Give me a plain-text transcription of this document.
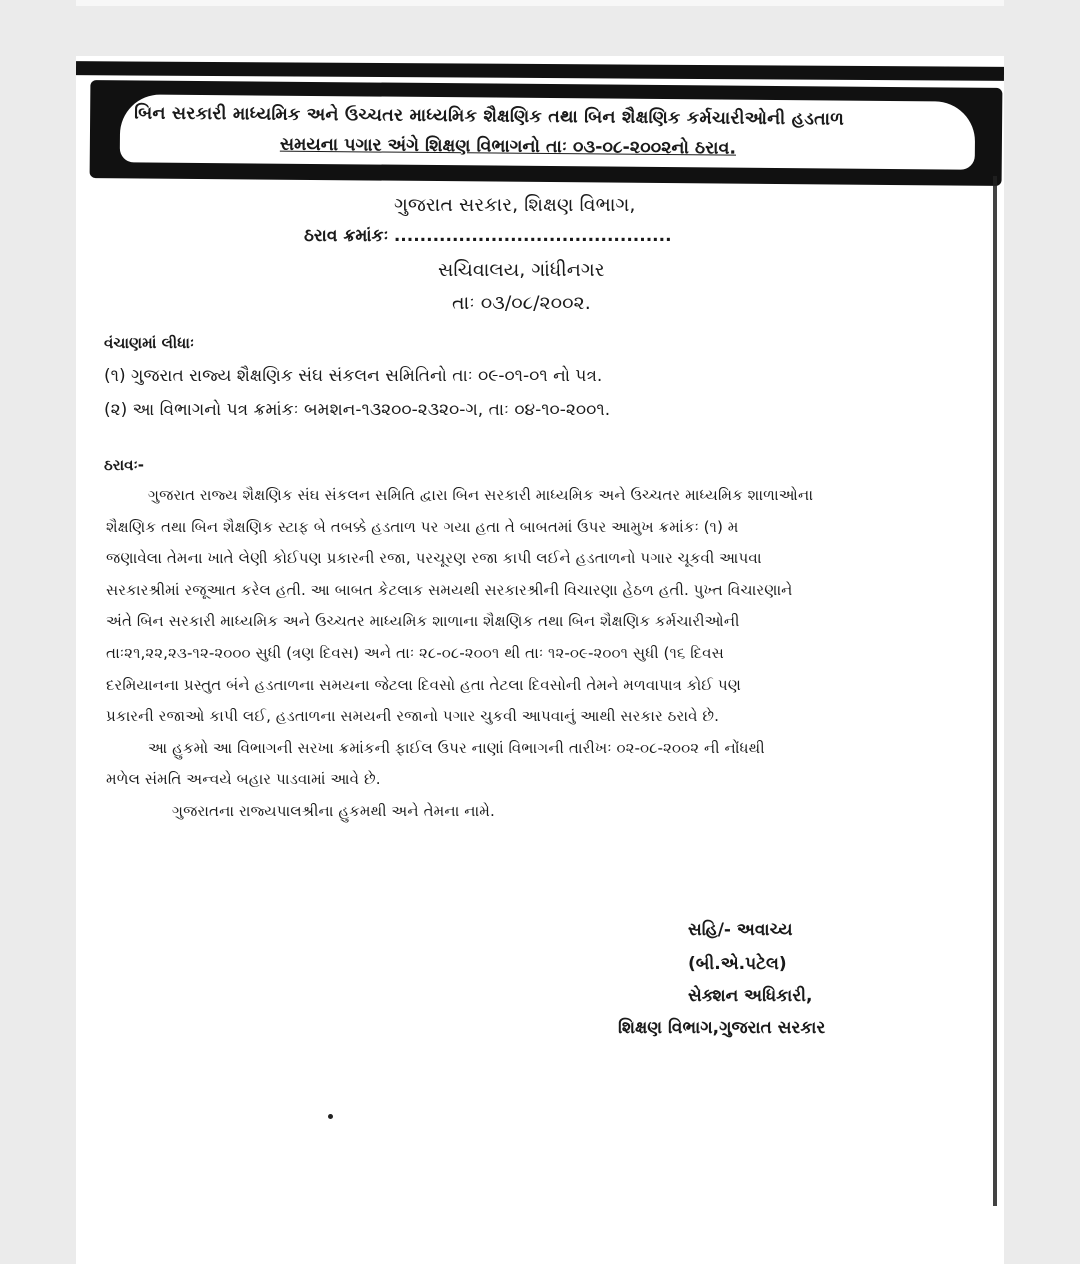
બિન સરકારી માધ્યમિક અને ઉચ્ચતર માધ્યમિક શૈક્ષણિક તથા બિન શૈક્ષણિક કર્મચારીઓની હડતાળ
સમયના પગાર અંગે શિક્ષણ વિભાગનો તાઃ ૦૩-૦૮-૨૦૦૨નો ઠરાવ.
ગુજરાત સરકાર, શિક્ષણ વિભાગ,
ઠરાવ ક્રમાંકઃ ...........................................
સચિવાલય, ગાંધીનગર
તાઃ ૦૩/૦૮/૨૦૦૨.
વંચાણમાં લીધાઃ
(૧) ગુજરાત રાજ્ય શૈક્ષણિક સંઘ સંકલન સમિતિનો તાઃ ૦૯-૦૧-૦૧ નો પત્ર.
(૨) આ વિભાગનો પત્ર ક્રમાંકઃ બમશન-૧૩૨૦૦-૨૩૨૦-ગ, તાઃ ૦૪-૧૦-૨૦૦૧.
ઠરાવઃ-
ગુજરાત રાજ્ય શૈક્ષણિક સંઘ સંકલન સમિતિ દ્વારા બિન સરકારી માધ્યમિક અને ઉચ્ચતર માધ્યમિક શાળાઓના
શૈક્ષણિક તથા બિન શૈક્ષણિક સ્ટાફ બે તબક્કે હડતાળ પર ગયા હતા તે બાબતમાં ઉપર આમુખ ક્રમાંકઃ (૧) મ
જણાવેલા તેમના ખાતે લેણી કોઈપણ પ્રકારની રજા, પરચૂરણ રજા કાપી લઈને હડતાળનો પગાર ચૂકવી આપવા
સરકારશ્રીમાં રજૂઆત કરેલ હતી. આ બાબત કેટલાક સમયથી સરકારશ્રીની વિચારણા હેઠળ હતી. પુખ્ત વિચારણાને
અંતે બિન સરકારી માધ્યમિક અને ઉચ્ચતર માધ્યમિક શાળાના શૈક્ષણિક તથા બિન શૈક્ષણિક કર્મચારીઓની
તાઃ૨૧,૨૨,૨૩-૧૨-૨૦૦૦ સુધી (ત્રણ દિવસ) અને તાઃ ૨૮-૦૮-૨૦૦૧ થી તાઃ ૧૨-૦૯-૨૦૦૧ સુધી (૧૬ દિવસ
દરમિયાનના પ્રસ્તુત બંને હડતાળના સમયના જેટલા દિવસો હતા તેટલા દિવસોની તેમને મળવાપાત્ર કોઈ પણ
પ્રકારની રજાઓ કાપી લઈ, હડતાળના સમયની રજાનો પગાર ચુકવી આપવાનું આથી સરકાર ઠરાવે છે.
આ હુકમો આ વિભાગની સરખા ક્રમાંકની ફાઈલ ઉપર નાણાં વિભાગની તારીખઃ ૦૨-૦૮-૨૦૦૨ ની નોંધથી
મળેલ સંમતિ અન્વયે બહાર પાડવામાં આવે છે.
ગુજરાતના રાજ્યપાલશ્રીના હુકમથી અને તેમના નામે.
સહિ/- અવાચ્ય
(બી.એ.પટેલ)
સેક્શન અધિકારી,
શિક્ષણ વિભાગ,ગુજરાત સરકાર
